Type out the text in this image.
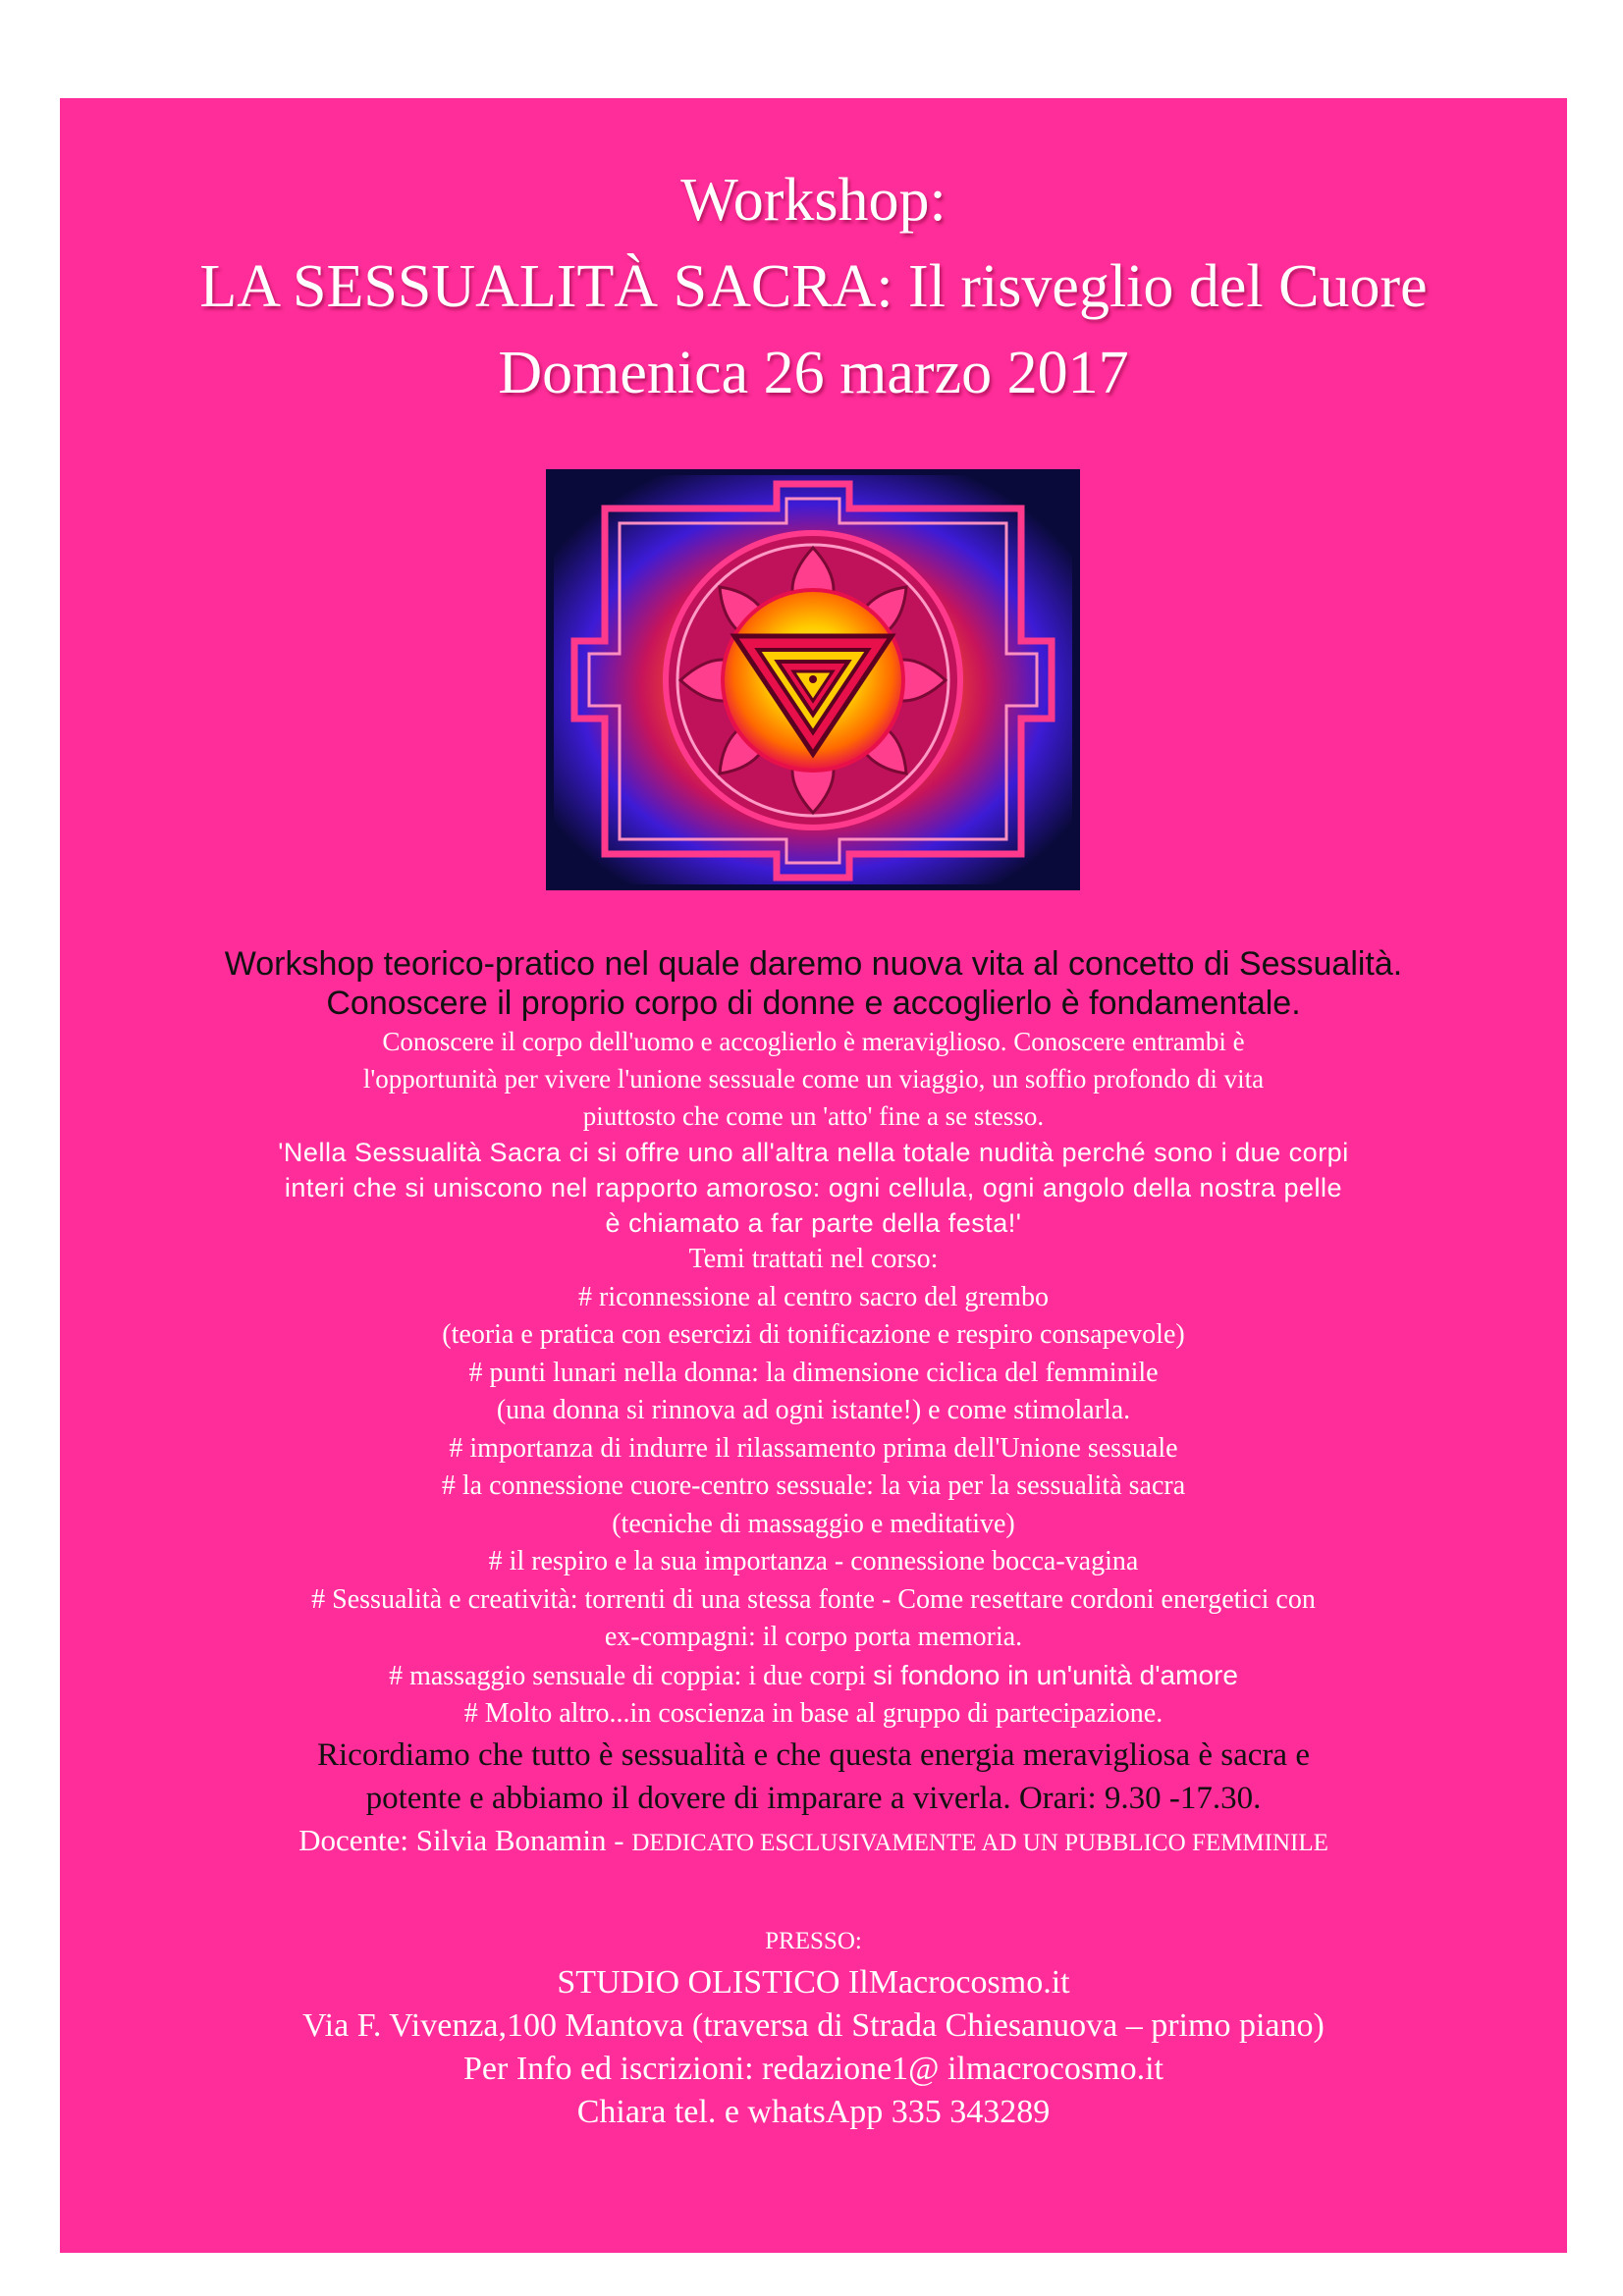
Workshop:
LA SESSUALITÀ SACRA: Il risveglio del Cuore
Domenica 26 marzo 2017

Workshop teorico-pratico nel quale daremo nuova vita al concetto di Sessualità.

Conoscere il proprio corpo di donne e accoglierlo è fondamentale.

Conoscere il corpo dell'uomo e accoglierlo è meraviglioso. Conoscere entrambi è

l'opportunità per vivere l'unione sessuale come un viaggio, un soffio profondo di vita

piuttosto che come un 'atto' fine a se stesso.

'Nella Sessualità Sacra ci si offre uno all'altra nella totale nudità perché sono i due corpi

interi che si uniscono nel rapporto amoroso: ogni cellula, ogni angolo della nostra pelle

è chiamato a far parte della festa!'

Temi trattati nel corso:

# riconnessione al centro sacro del grembo

(teoria e pratica con esercizi di tonificazione e respiro consapevole)

# punti lunari nella donna: la dimensione ciclica del femminile

(una donna si rinnova ad ogni istante!) e come stimolarla.

# importanza di indurre il rilassamento prima dell'Unione sessuale

# la connessione cuore-centro sessuale: la via per la sessualità sacra

(tecniche di massaggio e meditative)

# il respiro e la sua importanza - connessione bocca-vagina

# Sessualità e creatività: torrenti di una stessa fonte - Come resettare cordoni energetici con

ex-compagni: il corpo porta memoria.

# massaggio sensuale di coppia: i due corpi si fondono in un'unità d'amore

# Molto altro...in coscienza in base al gruppo di partecipazione.

Ricordiamo che tutto è sessualità e che questa energia meravigliosa è sacra e

potente e abbiamo il dovere di imparare a viverla. Orari: 9.30 -17.30.

Docente: Silvia Bonamin - DEDICATO ESCLUSIVAMENTE AD UN PUBBLICO FEMMINILE

PRESSO:
STUDIO OLISTICO IlMacrocosmo.it
Via F. Vivenza,100 Mantova (traversa di Strada Chiesanuova – primo piano)
Per Info ed iscrizioni: redazione1@ ilmacrocosmo.it
Chiara tel. e whatsApp 335 343289
